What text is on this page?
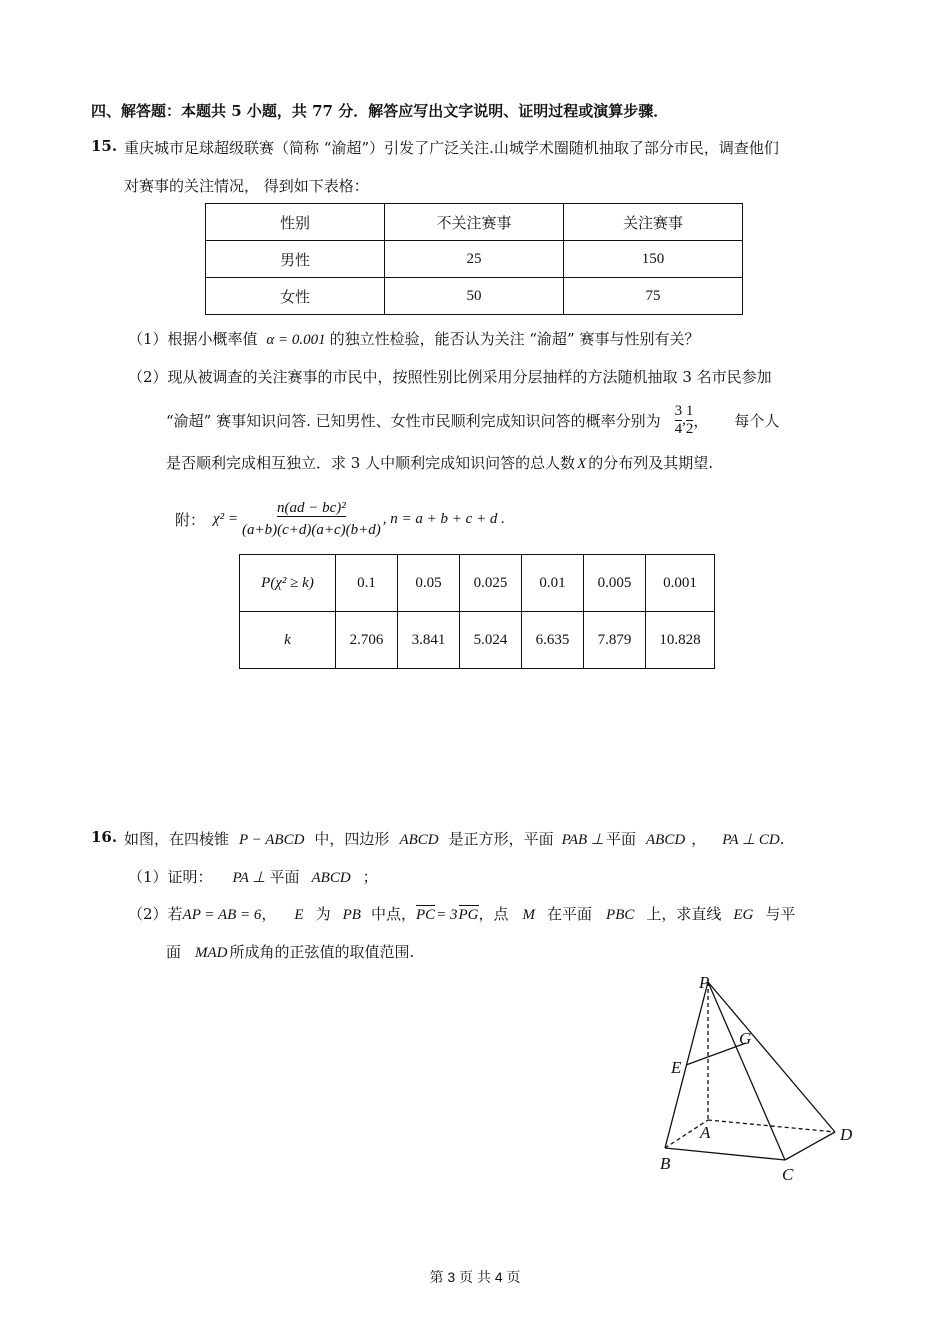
四、解答题：本题共 5 小题，共 77 分．解答应写出文字说明、证明过程或演算步骤．
15. 重庆城市足球超级联赛（简称 “渝超”）引发了广泛关注.山城学术圈随机抽取了部分市民，调查他们
对赛事的关注情况， 得到如下表格：
性别	不关注赛事	关注赛事
男性	25	150
女性	50	75
（1）根据小概率值 α = 0.001 的独立性检验，能否认为关注 “渝超” 赛事与性别有关？
（2）现从被调查的关注赛事的市民中，按照性别比例采用分层抽样的方法随机抽取 3 名市民参加
“渝超” 赛事知识问答. 已知男性、女性市民顺利完成知识问答的概率分别为 $\frac{3}{4}$ , $\frac{1}{2}$ ， 每个人
是否顺利完成相互独立．求 3 人中顺利完成知识问答的总人数 X 的分布列及其期望.
附： $\chi^2 = \frac{\text{n(ad − bc)²}}{(a+b)(c+d)(a+c)(b+d)}$ , n = a + b + c + d .
P(χ² ≥ k)	0.1	0.05	0.025	0.01	0.005	0.001
k	2.706	3.841	5.024	6.635	7.879	10.828
16. 如图，在四棱锥 P − ABCD 中，四边形 ABCD 是正方形，平面 PAB ⊥ 平面 ABCD ， PA ⊥ CD.
（1）证明： PA ⊥ 平面 ABCD ；
（2）若AP = AB = 6， E 为 PB 中点，PC= 3PG，点 M 在平面 PBC 上，求直线 EG 与平
面 MAD 所成角的正弦值的取值范围.
P
A
B
C
D
E
G
第 3 页 共 4 页
